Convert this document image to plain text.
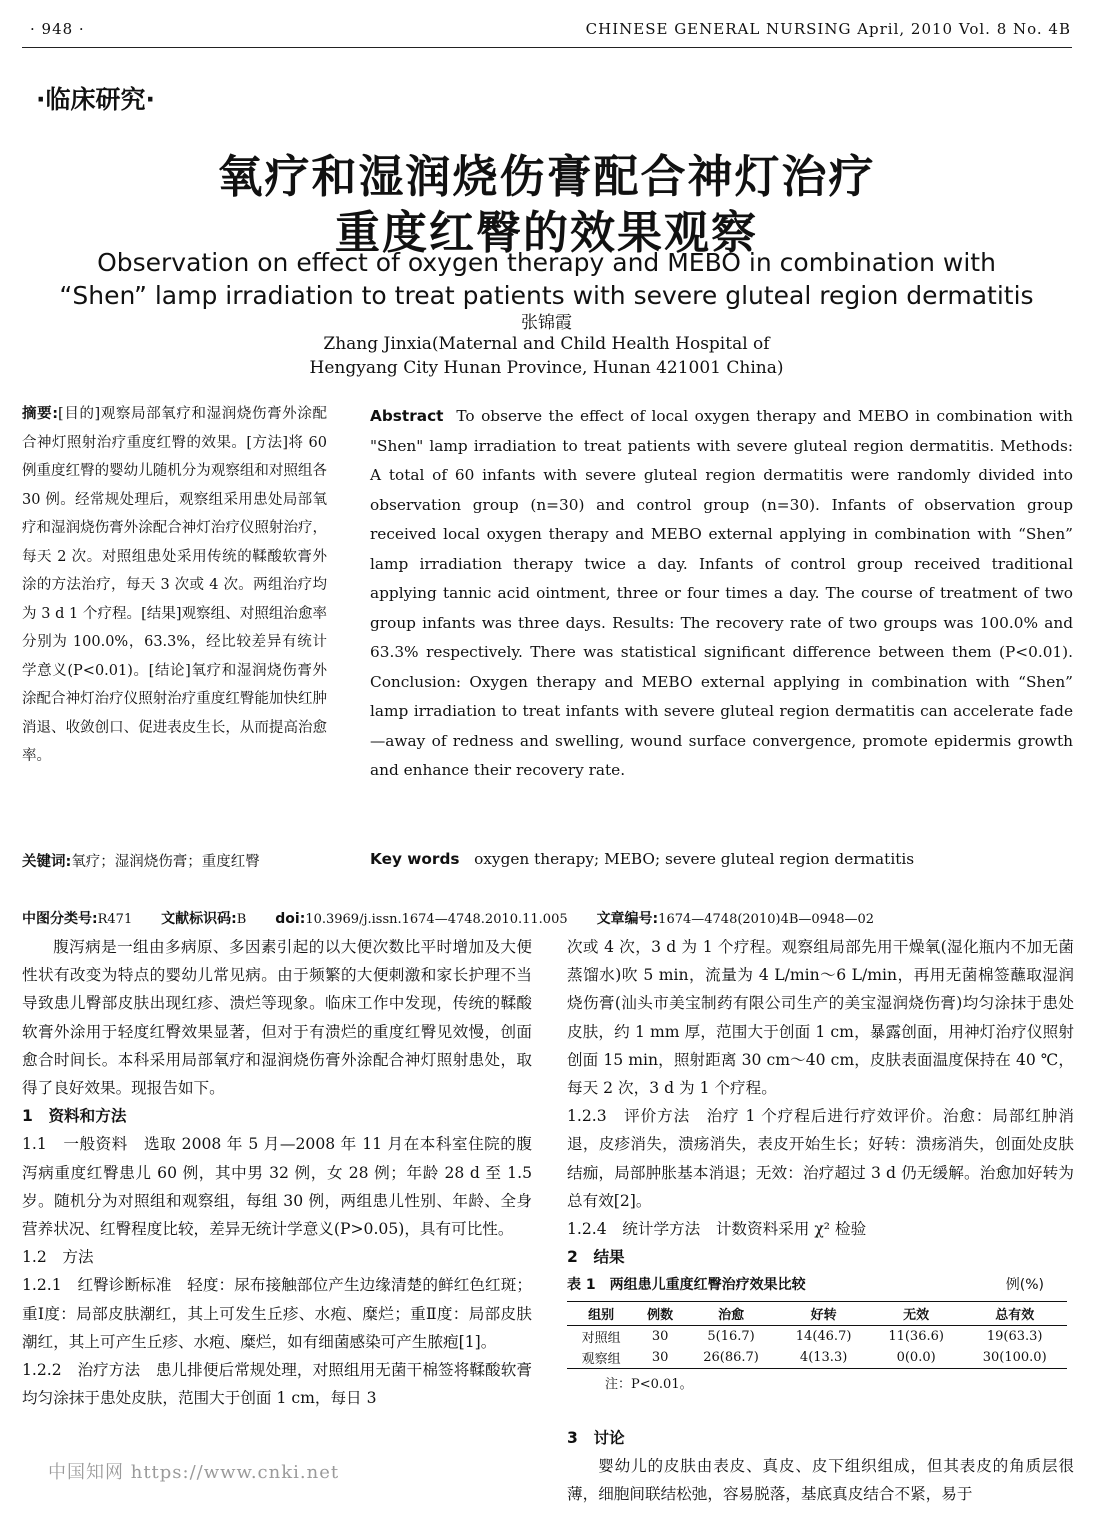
· 948 ·	CHINESE GENERAL NURSING April, 2010 Vol. 8 No. 4B
·临床研究·
氧疗和湿润烧伤膏配合神灯治疗
重度红臀的效果观察
Observation on effect of oxygen therapy and MEBO in combination with
“Shen” lamp irradiation to treat patients with severe gluteal region dermatitis
张锦霞
Zhang Jinxia(Maternal and Child Health Hospital of
Hengyang City Hunan Province, Hunan 421001 China)
摘要:[目的]观察局部氧疗和湿润烧伤膏外涂配合神灯照射治疗重度红臀的效果。[方法]将 60 例重度红臀的婴幼儿随机分为观察组和对照组各 30 例。经常规处理后，观察组采用患处局部氧疗和湿润烧伤膏外涂配合神灯治疗仪照射治疗，每天 2 次。对照组患处采用传统的鞣酸软膏外涂的方法治疗，每天 3 次或 4 次。两组治疗均为 3 d 1 个疗程。[结果]观察组、对照组治愈率分别为 100.0%，63.3%，经比较差异有统计学意义(P<0.01)。[结论]氧疗和湿润烧伤膏外涂配合神灯治疗仪照射治疗重度红臀能加快红肿消退、收敛创口、促进表皮生长，从而提高治愈率。
Abstract To observe the effect of local oxygen therapy and MEBO in combination with "Shen" lamp irradiation to treat patients with severe gluteal region dermatitis. Methods: A total of 60 infants with severe gluteal region dermatitis were randomly divided into observation group (n=30) and control group (n=30). Infants of observation group received local oxygen therapy and MEBO external applying in combination with “Shen” lamp irradiation therapy twice a day. Infants of control group received traditional applying tannic acid ointment, three or four times a day. The course of treatment of two group infants was three days. Results: The recovery rate of two groups was 100.0% and 63.3% respectively. There was statistical significant difference between them (P<0.01). Conclusion: Oxygen therapy and MEBO external applying in combination with “Shen” lamp irradiation to treat infants with severe gluteal region dermatitis can accelerate fade—away of redness and swelling, wound surface convergence, promote epidermis growth and enhance their recovery rate.
关键词:氧疗；湿润烧伤膏；重度红臀	Key words oxygen therapy; MEBO; severe gluteal region dermatitis
中图分类号:R471 文献标识码:B doi:10.3969/j.issn.1674—4748.2010.11.005 文章编号:1674—4748(2010)4B—0948—02

腹泻病是一组由多病原、多因素引起的以大便次数比平时增加及大便性状有改变为特点的婴幼儿常见病。由于频繁的大便刺激和家长护理不当导致患儿臀部皮肤出现红疹、溃烂等现象。临床工作中发现，传统的鞣酸软膏外涂用于轻度红臀效果显著，但对于有溃烂的重度红臀见效慢，创面愈合时间长。本科采用局部氧疗和湿润烧伤膏外涂配合神灯照射患处，取得了良好效果。现报告如下。

1　资料和方法

1.1　一般资料　选取 2008 年 5 月—2008 年 11 月在本科室住院的腹泻病重度红臀患儿 60 例，其中男 32 例，女 28 例；年龄 28 d 至 1.5 岁。随机分为对照组和观察组，每组 30 例，两组患儿性别、年龄、全身营养状况、红臀程度比较，差异无统计学意义(P>0.05)，具有可比性。

1.2　方法

1.2.1　红臀诊断标准　轻度：尿布接触部位产生边缘清楚的鲜红色红斑；重Ⅰ度：局部皮肤潮红，其上可发生丘疹、水疱、糜烂；重Ⅱ度：局部皮肤潮红，其上可产生丘疹、水疱、糜烂，如有细菌感染可产生脓疱[1]。

1.2.2　治疗方法　患儿排便后常规处理，对照组用无菌干棉签将鞣酸软膏均匀涂抹于患处皮肤，范围大于创面 1 cm，每日 3

次或 4 次，3 d 为 1 个疗程。观察组局部先用干燥氧(湿化瓶内不加无菌蒸馏水)吹 5 min，流量为 4 L/min～6 L/min，再用无菌棉签蘸取湿润烧伤膏(汕头市美宝制药有限公司生产的美宝湿润烧伤膏)均匀涂抹于患处皮肤，约 1 mm 厚，范围大于创面 1 cm，暴露创面，用神灯治疗仪照射创面 15 min，照射距离 30 cm～40 cm，皮肤表面温度保持在 40 ℃，每天 2 次，3 d 为 1 个疗程。

1.2.3　评价方法　治疗 1 个疗程后进行疗效评价。治愈：局部红肿消退，皮疹消失，溃疡消失，表皮开始生长；好转：溃疡消失，创面处皮肤结痂，局部肿胀基本消退；无效：治疗超过 3 d 仍无缓解。治愈加好转为总有效[2]。

1.2.4　统计学方法　计数资料采用 χ² 检验

2　结果

表 1　两组患儿重度红臀治疗效果比较	例(%)
组别	例数	治愈	好转	无效	总有效
对照组	30	5(16.7)	14(46.7)	11(36.6)	19(63.3)
观察组	30	26(86.7)	4(13.3)	0(0.0)	30(100.0)
注：P<0.01。
3　讨论
婴幼儿的皮肤由表皮、真皮、皮下组织组成，但其表皮的角质层很薄，细胞间联结松弛，容易脱落，基底真皮结合不紧，易于
中国知网 https://www.cnki.net
